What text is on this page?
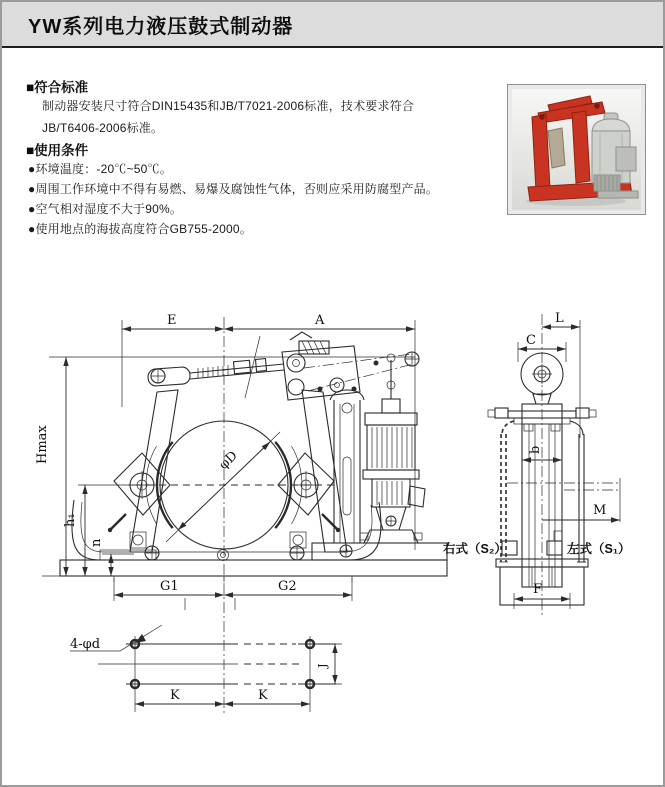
YW系列电力液压鼓式制动器
■符合标准
制动器安装尺寸符合DIN15435和JB/T7021-2006标准，技术要求符合
JB/T6406-2006标准。
■使用条件
●环境温度：-20℃~50℃。
●周围工作环境中不得有易燃、易爆及腐蚀性气体，否则应采用防腐型产品。
●空气相对湿度不大于90%。
●使用地点的海拔高度符合GB755-2000。
E	A
Hmax
h₁
n
G1	G2
φD
L
C
b
M
右式（S₂）	左式（S₁）
F
4-φd
J
K	K
